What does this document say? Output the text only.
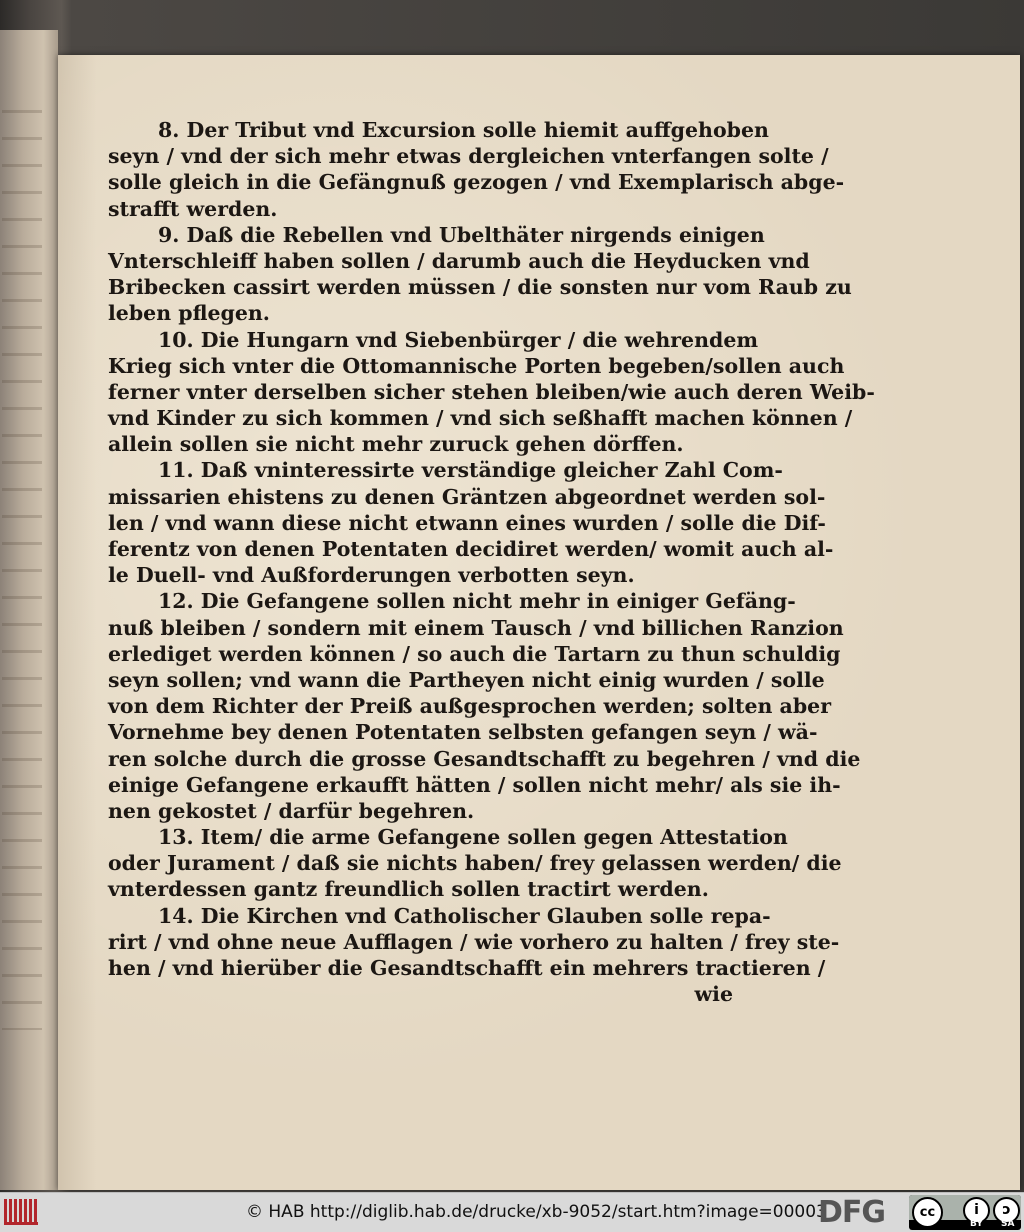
8. Der Tribut vnd Excursion solle hiemit auffgehoben
seyn / vnd der sich mehr etwas dergleichen vnterfangen solte /
solle gleich in die Gefängnuß gezogen / vnd Exemplarisch abge-
strafft werden.
9. Daß die Rebellen vnd Ubelthäter nirgends einigen
Vnterschleiff haben sollen / darumb auch die Heyducken vnd
Bribecken cassirt werden müssen / die sonsten nur vom Raub zu
leben pflegen.
10. Die Hungarn vnd Siebenbürger / die wehrendem
Krieg sich vnter die Ottomannische Porten begeben/sollen auch
ferner vnter derselben sicher stehen bleiben/wie auch deren Weib-
vnd Kinder zu sich kommen / vnd sich seßhafft machen können /
allein sollen sie nicht mehr zuruck gehen dörffen.
11. Daß vninteressirte verständige gleicher Zahl Com-
missarien ehistens zu denen Gräntzen abgeordnet werden sol-
len / vnd wann diese nicht etwann eines wurden / solle die Dif-
ferentz von denen Potentaten decidiret werden/ womit auch al-
le Duell- vnd Außforderungen verbotten seyn.
12. Die Gefangene sollen nicht mehr in einiger Gefäng-
nuß bleiben / sondern mit einem Tausch / vnd billichen Ranzion
erlediget werden können / so auch die Tartarn zu thun schuldig
seyn sollen; vnd wann die Partheyen nicht einig wurden / solle
von dem Richter der Preiß außgesprochen werden; solten aber
Vornehme bey denen Potentaten selbsten gefangen seyn / wä-
ren solche durch die grosse Gesandtschafft zu begehren / vnd die
einige Gefangene erkaufft hätten / sollen nicht mehr/ als sie ih-
nen gekostet / darfür begehren.
13. Item/ die arme Gefangene sollen gegen Attestation
oder Jurament / daß sie nichts haben/ frey gelassen werden/ die
vnterdessen gantz freundlich sollen tractirt werden.
14. Die Kirchen vnd Catholischer Glauben solle repa-
rirt / vnd ohne neue Aufflagen / wie vorhero zu halten / frey ste-
hen / vnd hierüber die Gesandtschafft ein mehrers tractieren /
wie
© HAB http://diglib.hab.de/drucke/xb-9052/start.htm?image=00003
DFG	cc	i	ↄ
BY SA
